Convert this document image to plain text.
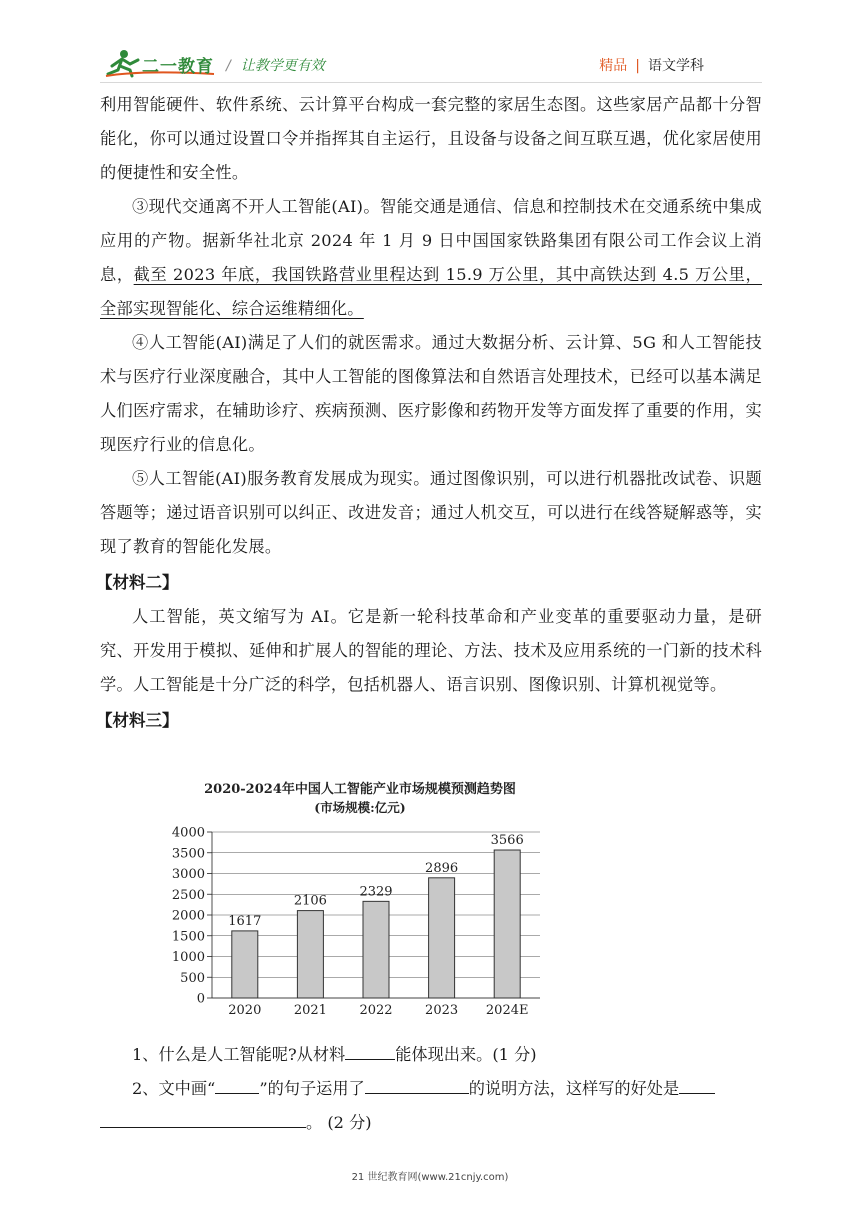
二一教育 / 让教学更有效	精品 | 语文学科

利用智能硬件、软件系统、云计算平台构成一套完整的家居生态图。这些家居产品都十分智能化，你可以通过设置口令并指挥其自主运行，且设备与设备之间互联互遇，优化家居使用的便捷性和安全性。

③现代交通离不开人工智能(AI)。智能交通是通信、信息和控制技术在交通系统中集成应用的产物。据新华社北京 2024 年 1 月 9 日中国国家铁路集团有限公司工作会议上消息，截至 2023 年底，我国铁路营业里程达到 15.9 万公里，其中高铁达到 4.5 万公里，全部实现智能化、综合运维精细化。

④人工智能(AI)满足了人们的就医需求。通过大数据分析、云计算、5G 和人工智能技术与医疗行业深度融合，其中人工智能的图像算法和自然语言处理技术，已经可以基本满足人们医疗需求，在辅助诊疗、疾病预测、医疗影像和药物开发等方面发挥了重要的作用，实现医疗行业的信息化。

⑤人工智能(AI)服务教育发展成为现实。通过图像识别，可以进行机器批改试卷、识题答题等；递过语音识别可以纠正、改进发音；通过人机交互，可以进行在线答疑解惑等，实现了教育的智能化发展。

【材料二】

人工智能，英文缩写为 AI。它是新一轮科技革命和产业变革的重要驱动力量，是研究、开发用于模拟、延伸和扩展人的智能的理论、方法、技术及应用系统的一门新的技术科学。人工智能是十分广泛的科学，包括机器人、语言识别、图像识别、计算机视觉等。

【材料三】
2020-2024年中国人工智能产业市场规模预测趋势图
(市场规模:亿元)
0
500
1000
1500
2000
2500
3000
3500
4000
1617
2020
2106
2021
2329
2022
2896
2023
3566
2024E
1、什么是人工智能呢?从材料	能体现出来。(1 分)
2、文中画“	”的句子运用了	的说明方法，这样写的好处是
。 (2 分)
21 世纪教育网(www.21cnjy.com)
